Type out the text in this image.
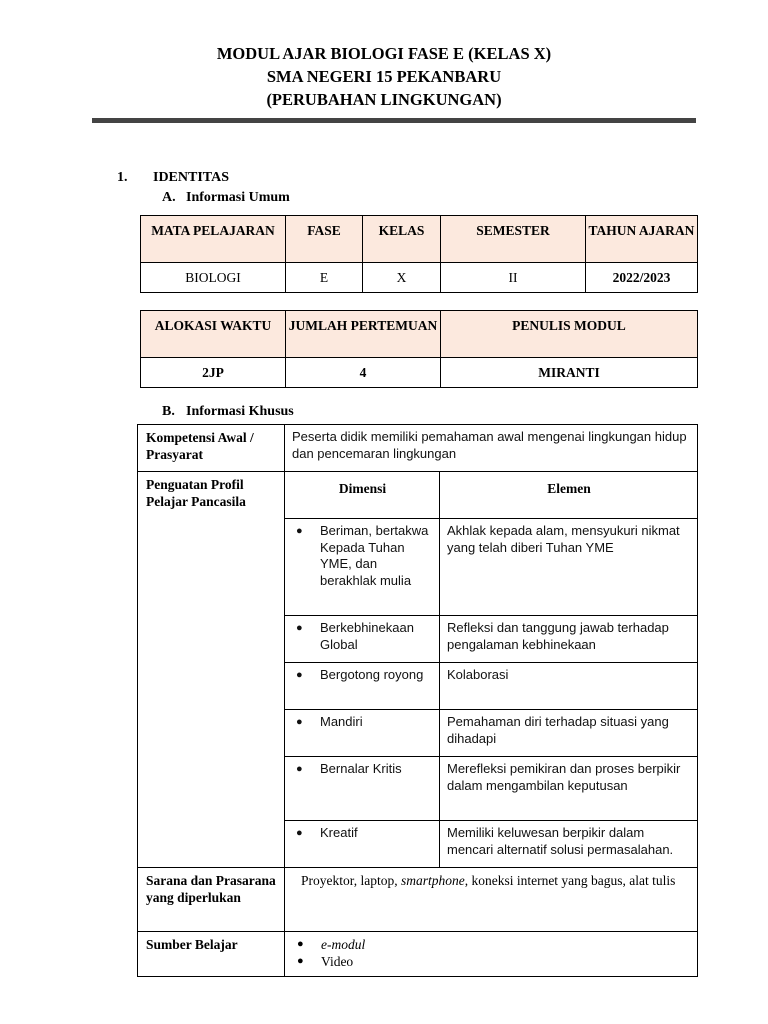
MODUL AJAR BIOLOGI FASE E (KELAS X)
SMA NEGERI 15 PEKANBARU
(PERUBAHAN LINGKUNGAN)
1. IDENTITAS
A. Informasi Umum
MATA PELAJARAN	FASE	KELAS	SEMESTER	TAHUN AJARAN
BIOLOGI	E	X	II	2022/2023
ALOKASI WAKTU	JUMLAH PERTEMUAN	PENULIS MODUL
2JP	4	MIRANTI
B. Informasi Khusus
Kompetensi Awal / Prasyarat	Peserta didik memiliki pemahaman awal mengenai lingkungan hidup dan pencemaran lingkungan	
Penguatan Profil Pelajar Pancasila	Dimensi	Elemen

	● Beriman, bertakwa Kepada Tuhan YME, dan berakhlak mulia	Akhlak kepada alam, mensyukuri nikmat yang telah diberi Tuhan YME

	● Berkebhinekaan Global	Refleksi dan tanggung jawab terhadap pengalaman kebhinekaan

	● Bergotong royong	Kolaborasi

	● Mandiri	Pemahaman diri terhadap situasi yang dihadapi

	● Bernalar Kritis	Merefleksi pemikiran dan proses berpikir dalam mengambilan keputusan

	● Kreatif	Memiliki keluwesan berpikir dalam mencari alternatif solusi permasalahan.
Sarana dan Prasarana yang diperlukan	Proyektor, laptop, smartphone, koneksi internet yang bagus, alat tulis	
Sumber Belajar	● e-modul
● Video	
